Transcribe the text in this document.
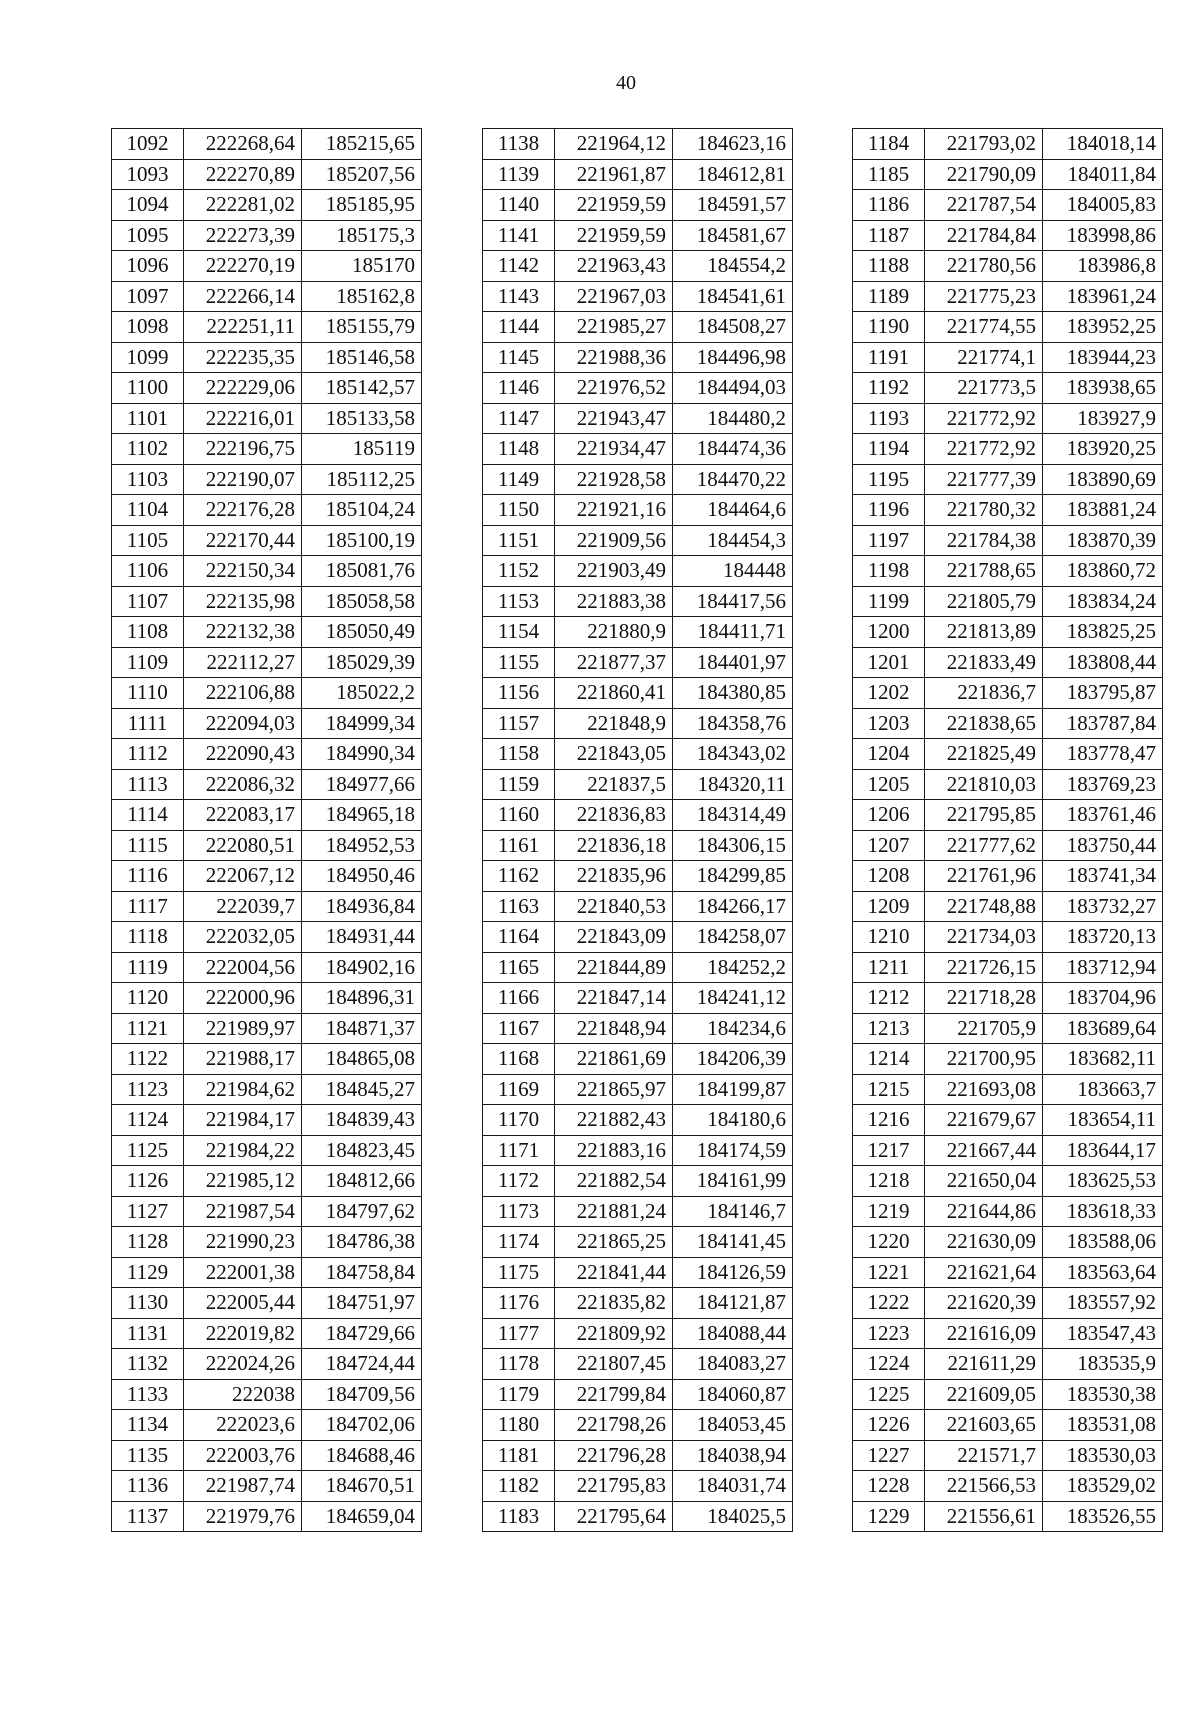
40
1092	222268,64	185215,65
1093	222270,89	185207,56
1094	222281,02	185185,95
1095	222273,39	185175,3
1096	222270,19	185170
1097	222266,14	185162,8
1098	222251,11	185155,79
1099	222235,35	185146,58
1100	222229,06	185142,57
1101	222216,01	185133,58
1102	222196,75	185119
1103	222190,07	185112,25
1104	222176,28	185104,24
1105	222170,44	185100,19
1106	222150,34	185081,76
1107	222135,98	185058,58
1108	222132,38	185050,49
1109	222112,27	185029,39
1110	222106,88	185022,2
1111	222094,03	184999,34
1112	222090,43	184990,34
1113	222086,32	184977,66
1114	222083,17	184965,18
1115	222080,51	184952,53
1116	222067,12	184950,46
1117	222039,7	184936,84
1118	222032,05	184931,44
1119	222004,56	184902,16
1120	222000,96	184896,31
1121	221989,97	184871,37
1122	221988,17	184865,08
1123	221984,62	184845,27
1124	221984,17	184839,43
1125	221984,22	184823,45
1126	221985,12	184812,66
1127	221987,54	184797,62
1128	221990,23	184786,38
1129	222001,38	184758,84
1130	222005,44	184751,97
1131	222019,82	184729,66
1132	222024,26	184724,44
1133	222038	184709,56
1134	222023,6	184702,06
1135	222003,76	184688,46
1136	221987,74	184670,51
1137	221979,76	184659,04
1138	221964,12	184623,16
1139	221961,87	184612,81
1140	221959,59	184591,57
1141	221959,59	184581,67
1142	221963,43	184554,2
1143	221967,03	184541,61
1144	221985,27	184508,27
1145	221988,36	184496,98
1146	221976,52	184494,03
1147	221943,47	184480,2
1148	221934,47	184474,36
1149	221928,58	184470,22
1150	221921,16	184464,6
1151	221909,56	184454,3
1152	221903,49	184448
1153	221883,38	184417,56
1154	221880,9	184411,71
1155	221877,37	184401,97
1156	221860,41	184380,85
1157	221848,9	184358,76
1158	221843,05	184343,02
1159	221837,5	184320,11
1160	221836,83	184314,49
1161	221836,18	184306,15
1162	221835,96	184299,85
1163	221840,53	184266,17
1164	221843,09	184258,07
1165	221844,89	184252,2
1166	221847,14	184241,12
1167	221848,94	184234,6
1168	221861,69	184206,39
1169	221865,97	184199,87
1170	221882,43	184180,6
1171	221883,16	184174,59
1172	221882,54	184161,99
1173	221881,24	184146,7
1174	221865,25	184141,45
1175	221841,44	184126,59
1176	221835,82	184121,87
1177	221809,92	184088,44
1178	221807,45	184083,27
1179	221799,84	184060,87
1180	221798,26	184053,45
1181	221796,28	184038,94
1182	221795,83	184031,74
1183	221795,64	184025,5
1184	221793,02	184018,14
1185	221790,09	184011,84
1186	221787,54	184005,83
1187	221784,84	183998,86
1188	221780,56	183986,8
1189	221775,23	183961,24
1190	221774,55	183952,25
1191	221774,1	183944,23
1192	221773,5	183938,65
1193	221772,92	183927,9
1194	221772,92	183920,25
1195	221777,39	183890,69
1196	221780,32	183881,24
1197	221784,38	183870,39
1198	221788,65	183860,72
1199	221805,79	183834,24
1200	221813,89	183825,25
1201	221833,49	183808,44
1202	221836,7	183795,87
1203	221838,65	183787,84
1204	221825,49	183778,47
1205	221810,03	183769,23
1206	221795,85	183761,46
1207	221777,62	183750,44
1208	221761,96	183741,34
1209	221748,88	183732,27
1210	221734,03	183720,13
1211	221726,15	183712,94
1212	221718,28	183704,96
1213	221705,9	183689,64
1214	221700,95	183682,11
1215	221693,08	183663,7
1216	221679,67	183654,11
1217	221667,44	183644,17
1218	221650,04	183625,53
1219	221644,86	183618,33
1220	221630,09	183588,06
1221	221621,64	183563,64
1222	221620,39	183557,92
1223	221616,09	183547,43
1224	221611,29	183535,9
1225	221609,05	183530,38
1226	221603,65	183531,08
1227	221571,7	183530,03
1228	221566,53	183529,02
1229	221556,61	183526,55
